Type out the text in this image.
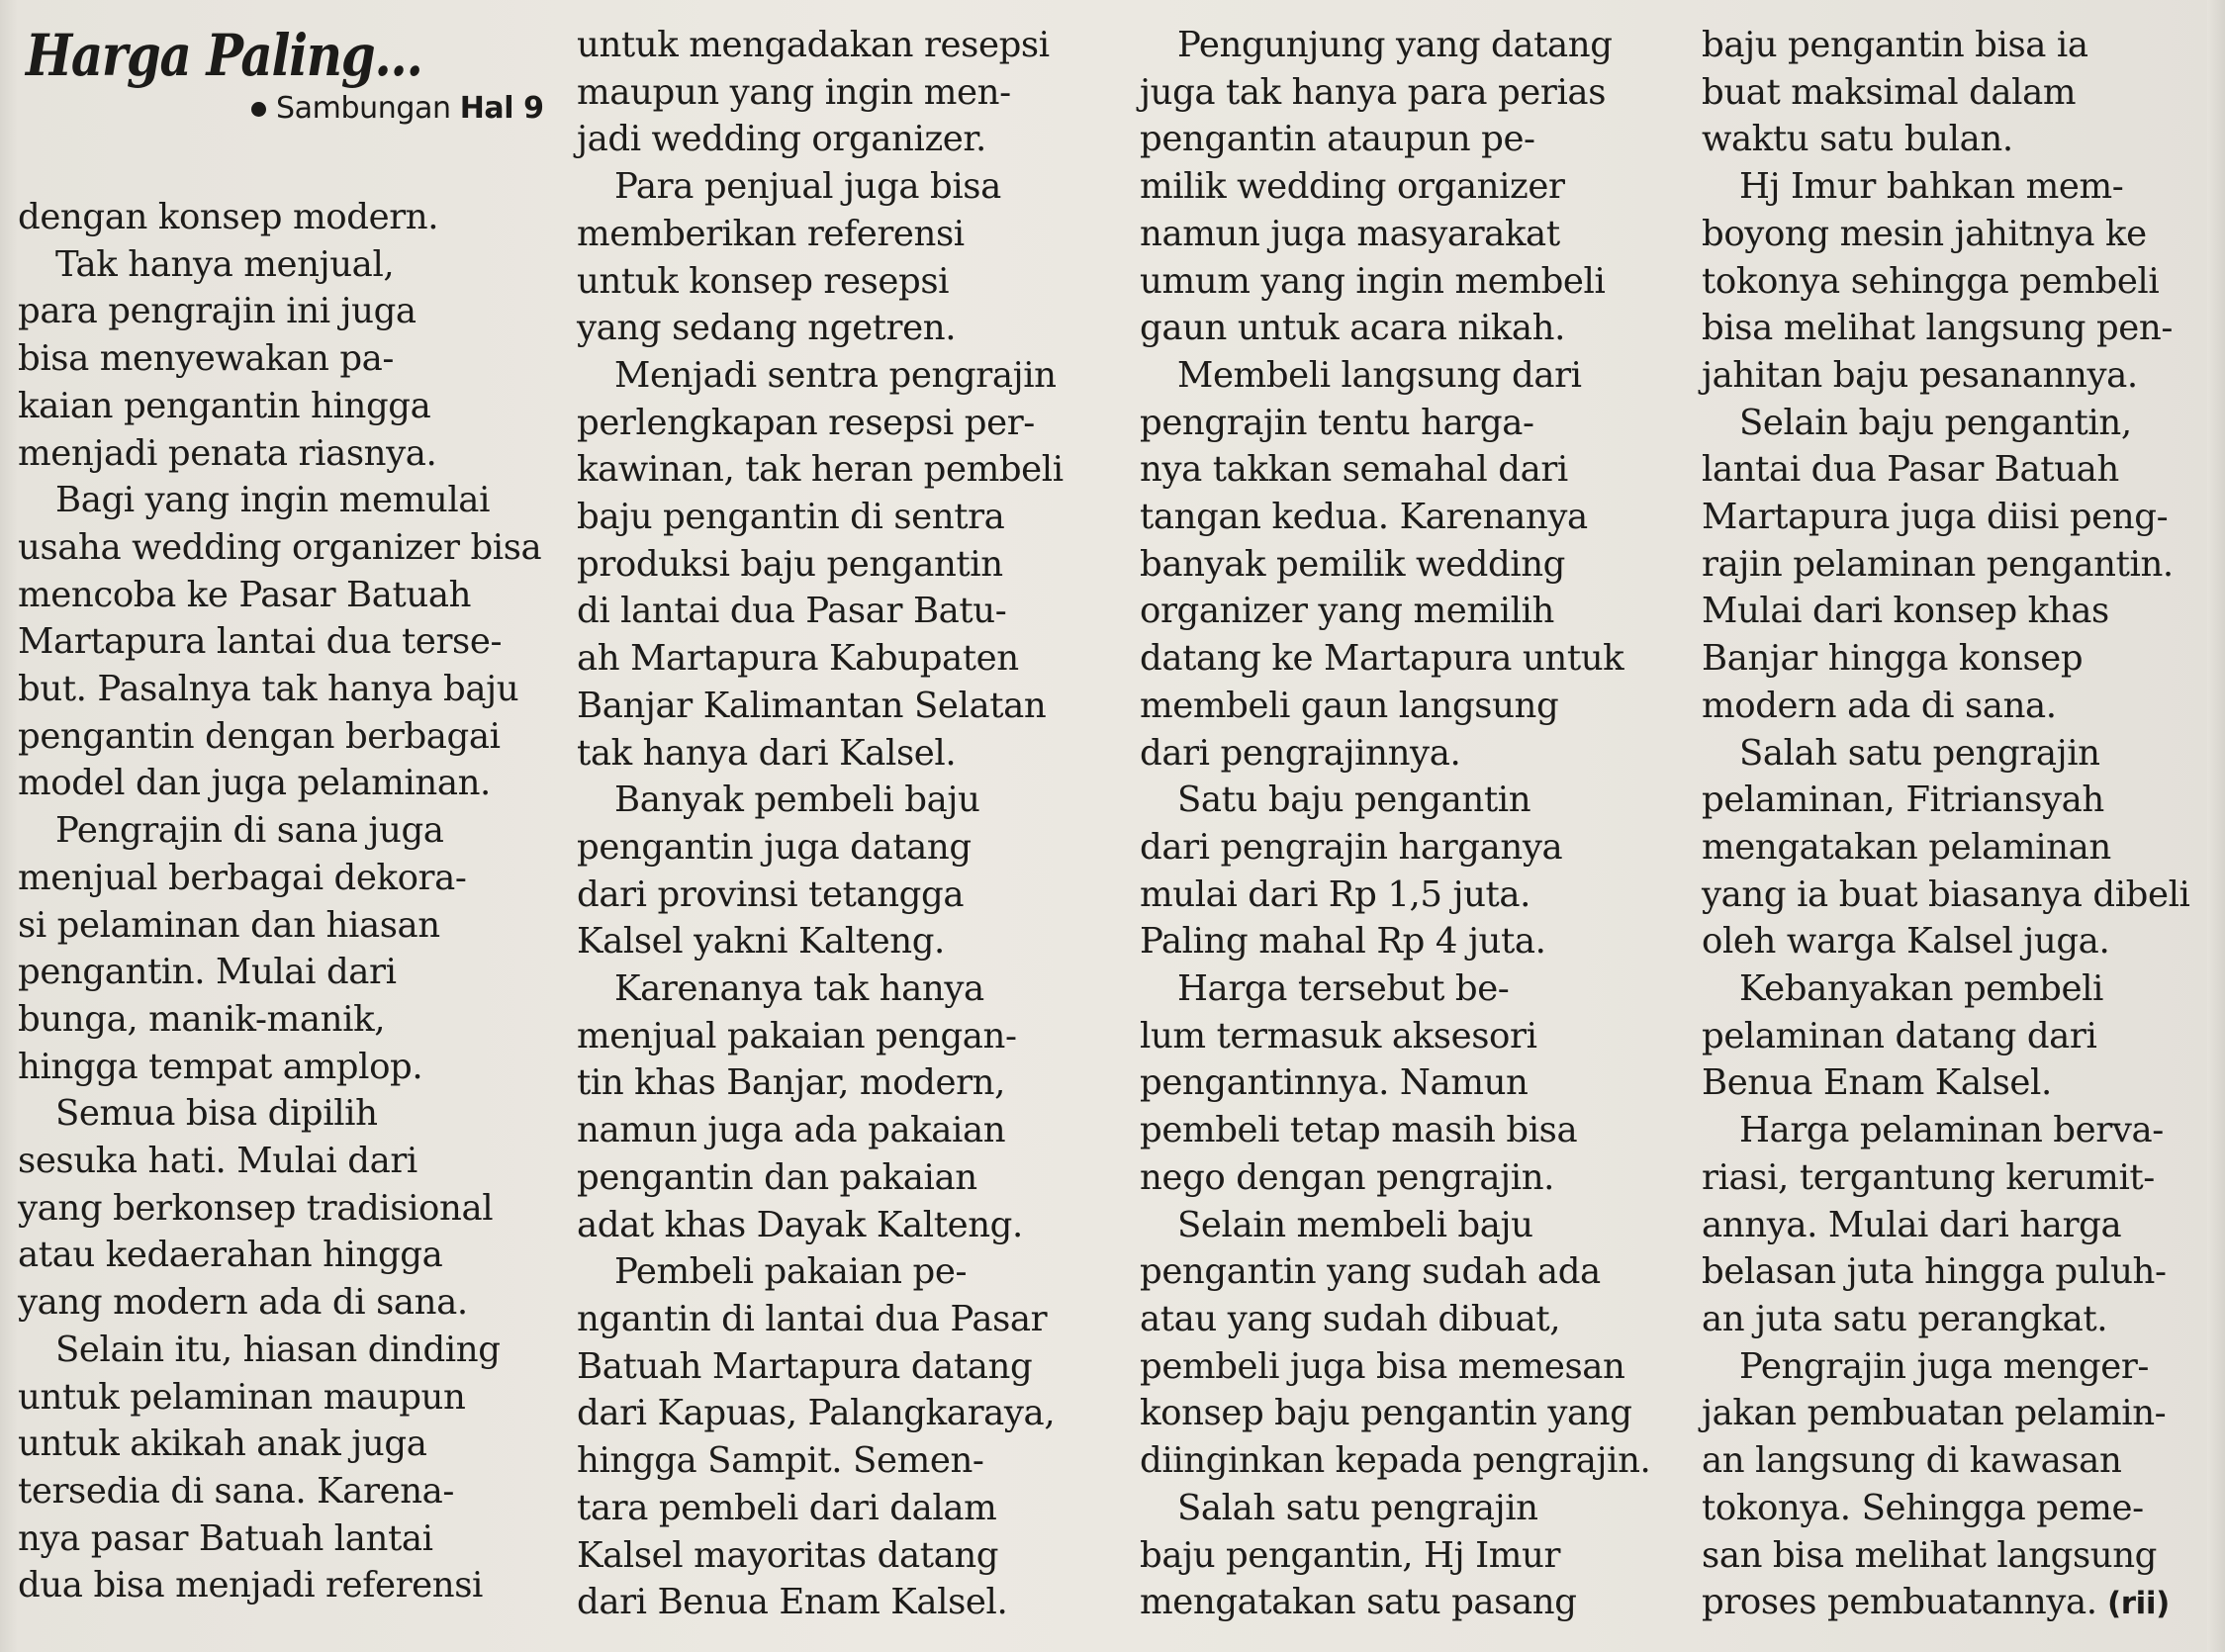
Harga Paling...
Sambungan Hal 9

dengan konsep modern.

Tak hanya menjual,

para pengrajin ini juga

bisa menyewakan pa-

kaian pengantin hingga

menjadi penata riasnya.

Bagi yang ingin memulai

usaha wedding organizer bisa

mencoba ke Pasar Batuah

Martapura lantai dua terse-

but. Pasalnya tak hanya baju

pengantin dengan berbagai

model dan juga pelaminan.

Pengrajin di sana juga

menjual berbagai dekora-

si pelaminan dan hiasan

pengantin. Mulai dari

bunga, manik-manik,

hingga tempat amplop.

Semua bisa dipilih

sesuka hati. Mulai dari

yang berkonsep tradisional

atau kedaerahan hingga

yang modern ada di sana.

Selain itu, hiasan dinding

untuk pelaminan maupun

untuk akikah anak juga

tersedia di sana. Karena-

nya pasar Batuah lantai

dua bisa menjadi referensi

untuk mengadakan resepsi

maupun yang ingin men-

jadi wedding organizer.

Para penjual juga bisa

memberikan referensi

untuk konsep resepsi

yang sedang ngetren.

Menjadi sentra pengrajin

perlengkapan resepsi per-

kawinan, tak heran pembeli

baju pengantin di sentra

produksi baju pengantin

di lantai dua Pasar Batu-

ah Martapura Kabupaten

Banjar Kalimantan Selatan

tak hanya dari Kalsel.

Banyak pembeli baju

pengantin juga datang

dari provinsi tetangga

Kalsel yakni Kalteng.

Karenanya tak hanya

menjual pakaian pengan-

tin khas Banjar, modern,

namun juga ada pakaian

pengantin dan pakaian

adat khas Dayak Kalteng.

Pembeli pakaian pe-

ngantin di lantai dua Pasar

Batuah Martapura datang

dari Kapuas, Palangkaraya,

hingga Sampit. Semen-

tara pembeli dari dalam

Kalsel mayoritas datang

dari Benua Enam Kalsel.

Pengunjung yang datang

juga tak hanya para perias

pengantin ataupun pe-

milik wedding organizer

namun juga masyarakat

umum yang ingin membeli

gaun untuk acara nikah.

Membeli langsung dari

pengrajin tentu harga-

nya takkan semahal dari

tangan kedua. Karenanya

banyak pemilik wedding

organizer yang memilih

datang ke Martapura untuk

membeli gaun langsung

dari pengrajinnya.

Satu baju pengantin

dari pengrajin harganya

mulai dari Rp 1,5 juta.

Paling mahal Rp 4 juta.

Harga tersebut be-

lum termasuk aksesori

pengantinnya. Namun

pembeli tetap masih bisa

nego dengan pengrajin.

Selain membeli baju

pengantin yang sudah ada

atau yang sudah dibuat,

pembeli juga bisa memesan

konsep baju pengantin yang

diinginkan kepada pengrajin.

Salah satu pengrajin

baju pengantin, Hj Imur

mengatakan satu pasang

baju pengantin bisa ia

buat maksimal dalam

waktu satu bulan.

Hj Imur bahkan mem-

boyong mesin jahitnya ke

tokonya sehingga pembeli

bisa melihat langsung pen-

jahitan baju pesanannya.

Selain baju pengantin,

lantai dua Pasar Batuah

Martapura juga diisi peng-

rajin pelaminan pengantin.

Mulai dari konsep khas

Banjar hingga konsep

modern ada di sana.

Salah satu pengrajin

pelaminan, Fitriansyah

mengatakan pelaminan

yang ia buat biasanya dibeli

oleh warga Kalsel juga.

Kebanyakan pembeli

pelaminan datang dari

Benua Enam Kalsel.

Harga pelaminan berva-

riasi, tergantung kerumit-

annya. Mulai dari harga

belasan juta hingga puluh-

an juta satu perangkat.

Pengrajin juga menger-

jakan pembuatan pelamin-

an langsung di kawasan

tokonya. Sehingga peme-

san bisa melihat langsung

proses pembuatannya. (rii)
